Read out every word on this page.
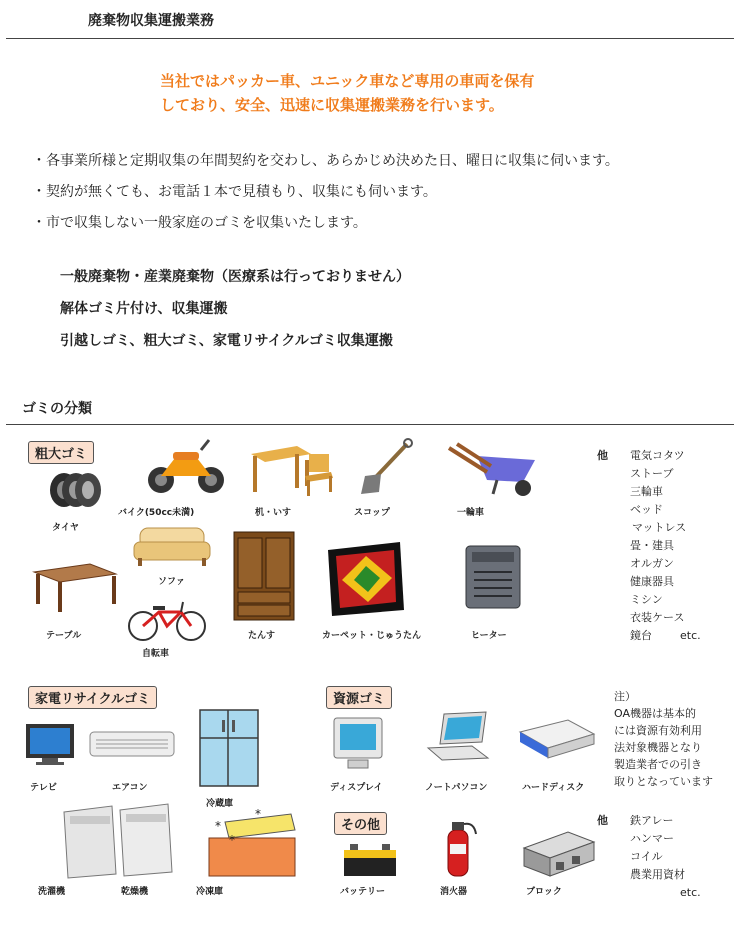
廃棄物収集運搬業務
当社ではパッカー車、ユニック車など専用の車両を保有
しており、安全、迅速に収集運搬業務を行います。
・各事業所様と定期収集の年間契約を交わし、あらかじめ決めた日、曜日に収集に伺います。
・契約が無くても、お電話１本で見積もり、収集にも伺います。
・市で収集しない一般家庭のゴミを収集いたします。
一般廃棄物・産業廃棄物（医療系は行っておりません）
解体ゴミ片付け、収集運搬
引越しゴミ、粗大ゴミ、家電リサイクルゴミ収集運搬
ゴミの分類
粗大ゴミ
タイヤ
バイク(50cc未満)	机・いす	スコップ	一輪車
ソファ
テーブル
自転車
たんす	カーペット・じゅうたん	ヒーター
他 電気コタツ
ストーブ
三輪車
ベッド
マットレス
畳・建具
オルガン
健康器具
ミシン
衣装ケース
鏡台	etc.
家電リサイクルゴミ
テレビ	エアコン
冷蔵庫
洗濯機	乾燥機
*
*
*
冷凍庫
資源ゴミ
ディスプレイ	ノートパソコン	ハードディスク
注）
OA機器は基本的
には資源有効利用
法対象機器となり
製造業者での引き
取りとなっています
その他
バッテリー	消火器	ブロック
他 鉄アレー
ハンマー
コイル
農業用資材
etc.
